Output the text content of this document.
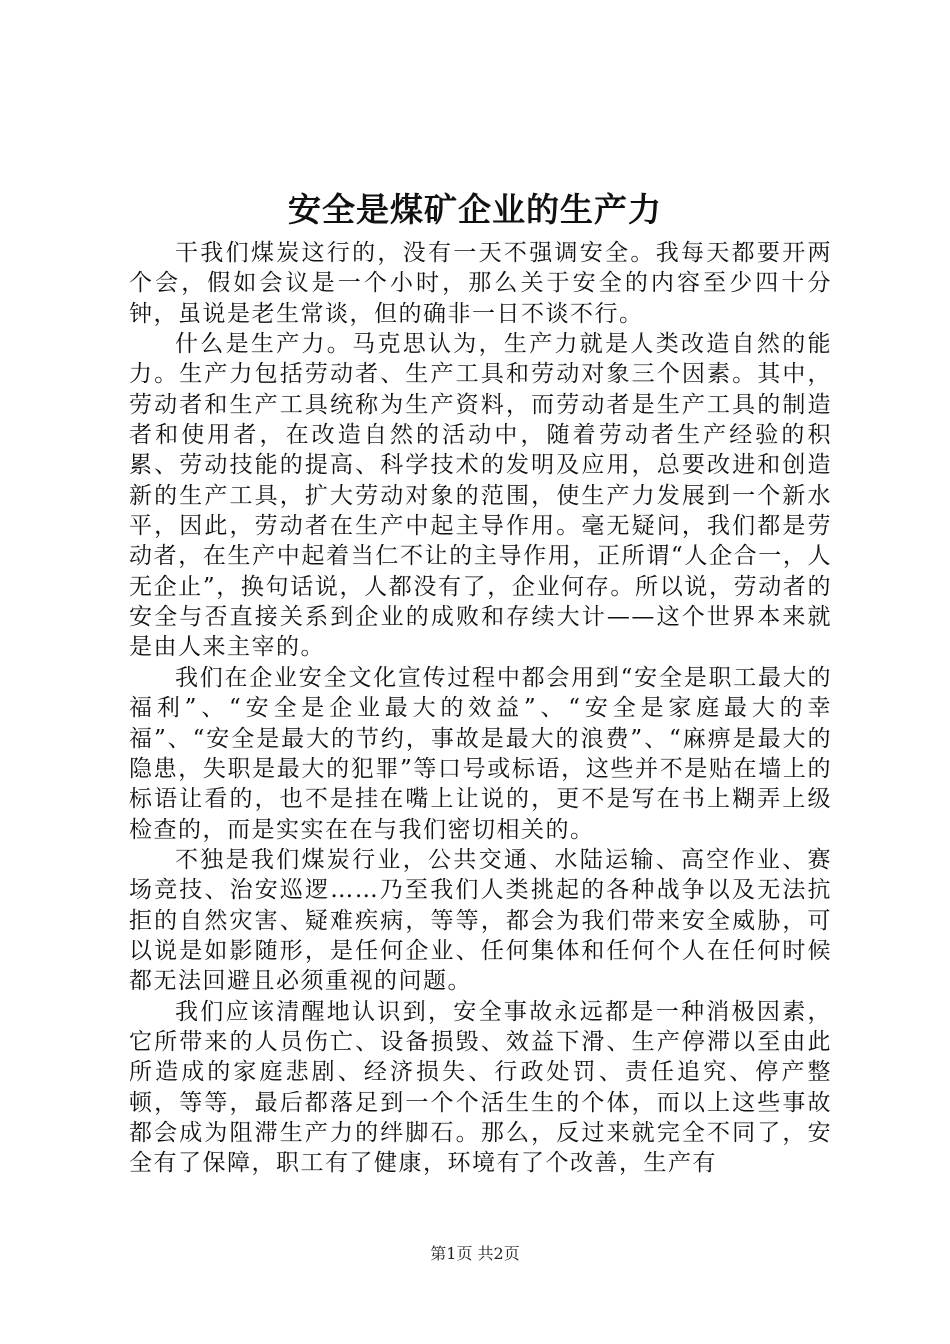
安全是煤矿企业的生产力

干我们煤炭这行的，没有一天不强调安全。我每天都要开两个会，假如会议是一个小时，那么关于安全的内容至少四十分钟，虽说是老生常谈，但的确非一日不谈不行。

什么是生产力。马克思认为，生产力就是人类改造自然的能力。生产力包括劳动者、生产工具和劳动对象三个因素。其中，劳动者和生产工具统称为生产资料，而劳动者是生产工具的制造者和使用者，在改造自然的活动中，随着劳动者生产经验的积累、劳动技能的提高、科学技术的发明及应用，总要改进和创造新的生产工具，扩大劳动对象的范围，使生产力发展到一个新水平，因此，劳动者在生产中起主导作用。毫无疑问，我们都是劳动者，在生产中起着当仁不让的主导作用，正所谓“人企合一，人无企止”，换句话说，人都没有了，企业何存。所以说，劳动者的安全与否直接关系到企业的成败和存续大计——这个世界本来就是由人来主宰的。

我们在企业安全文化宣传过程中都会用到“安全是职工最大的福利”、“安全是企业最大的效益”、“安全是家庭最大的幸福”、“安全是最大的节约，事故是最大的浪费”、“麻痹是最大的隐患，失职是最大的犯罪”等口号或标语，这些并不是贴在墙上的标语让看的，也不是挂在嘴上让说的，更不是写在书上糊弄上级检查的，而是实实在在与我们密切相关的。

不独是我们煤炭行业，公共交通、水陆运输、高空作业、赛场竞技、治安巡逻……乃至我们人类挑起的各种战争以及无法抗拒的自然灾害、疑难疾病，等等，都会为我们带来安全威胁，可以说是如影随形，是任何企业、任何集体和任何个人在任何时候都无法回避且必须重视的问题。

我们应该清醒地认识到，安全事故永远都是一种消极因素，它所带来的人员伤亡、设备损毁、效益下滑、生产停滞以至由此所造成的家庭悲剧、经济损失、行政处罚、责任追究、停产整顿，等等，最后都落足到一个个活生生的个体，而以上这些事故都会成为阻滞生产力的绊脚石。那么，反过来就完全不同了，安全有了保障，职工有了健康，环境有了个改善，生产有

第1页 共2页
